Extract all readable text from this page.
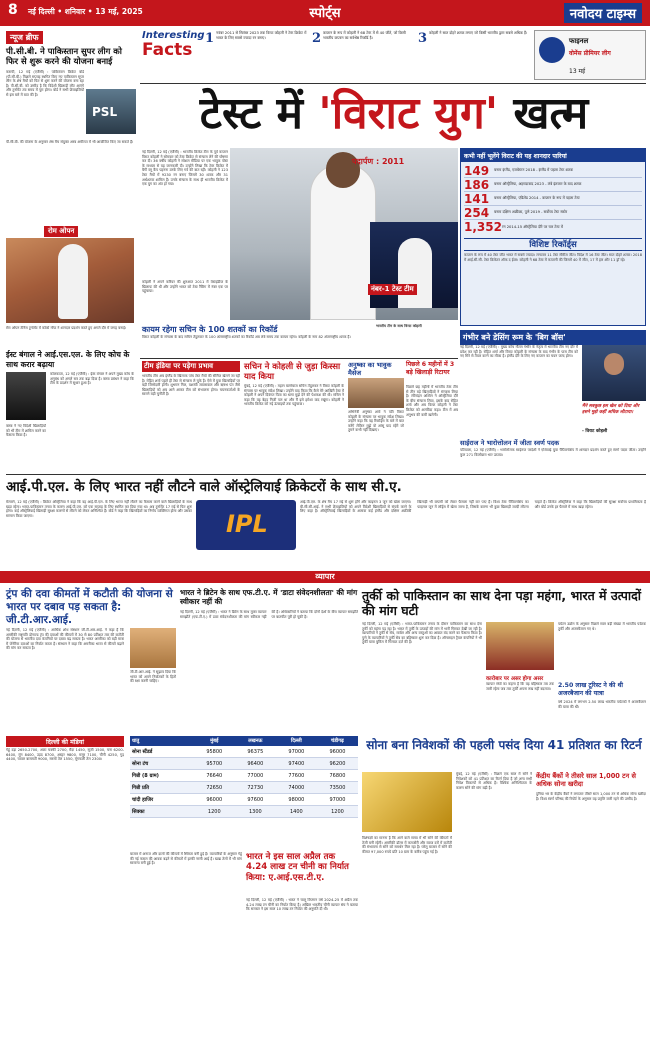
8 नई दिल्ली • शनिवार • 13 मई, 2025	स्पोर्ट्स	नवोदय टाइम्स
न्यूज ब्रीफ
पी.सी.बी. ने पाकिस्तान सुपर लीग को फिर से शुरू करने की योजना बनाई
कराची, 12 मई (एजैंसी) : पाकिस्तान क्रिकेट बोर्ड (पी.सी.बी.) पिछले सप्ताह स्थगित किए गए पाकिस्तान सुपर लीग के शेष मैचों को फिर से शुरू करने की योजना बना रहा है। पी.सी.बी. को उम्मीद है कि विदेशी खिलाड़ी लौट आएंगे और टूर्नामेंट तय समय में पूरा होगा। बोर्ड ने सभी फ्रेंचाइजियों से इस बारे में बात की है।
PSL
पी.सी.बी. की योजना के अनुसार शेष मैच संयुक्त अरब अमीरात में भी आयोजित किए जा सकते हैं।
रोम ओपन
रोम ओपन टेनिस टूर्नामेंट में कोको गॉफ ने शानदार प्रदर्शन करते हुए अगले दौर में जगह बनाई।
ईस्ट बंगाल ने आई.एस.एल. के लिए कोच के साथ करार बढ़ाया
कोलकाता, 12 मई (एजैंसी) : ईस्ट बंगाल ने अपने मुख्य कोच के अनुबंध को अगले सत्र तक बढ़ा दिया है। क्लब प्रबंधन ने कहा कि टीम के प्रदर्शन में सुधार हुआ है।
क्लब ने नए विदेशी खिलाड़ियों को भी टीम में शामिल करने का फैसला किया है।
Interesting
Facts
1 नवंबर 2011 से सितंबर 2023 तक विराट कोहली ने टेस्ट क्रिकेट में भारत के लिए सबसे ज्यादा रन बनाए।	2 कप्तान के रूप में कोहली ने 68 टेस्ट में से 40 जीते, जो किसी भारतीय कप्तान का सर्वश्रेष्ठ रिकॉर्ड है।	3 कोहली ने सात दोहरे शतक लगाए जो किसी भारतीय द्वारा सबसे अधिक हैं।
फाइनल
वोमेंस प्रीमियर लीग
13 मई
टेस्ट में 'विराट युग' खत्म
पदार्पण : 2011
नंबर-1 टेस्ट टीम
नई दिल्ली, 12 मई (एजैंसी) : भारतीय क्रिकेट टीम के पूर्व कप्तान विराट कोहली ने सोमवार को टेस्ट क्रिकेट से संन्यास लेने की घोषणा कर दी। 36 वर्षीय कोहली ने सोशल मीडिया पर एक भावुक पोस्ट के माध्यम से यह जानकारी दी। उन्होंने लिखा कि टेस्ट क्रिकेट में बैगी ब्लू कैप पहनना उनके लिए गर्व की बात रही। कोहली ने 123 टेस्ट मैचों में 9230 रन बनाए जिसमें 30 शतक और 31 अर्धशतक शामिल हैं। उनके संन्यास के साथ ही भारतीय क्रिकेट में एक युग का अंत हो गया।
कोहली ने अपने करियर की शुरुआत 2011 में वेस्टइंडीज के खिलाफ की थी और उन्होंने भारत को टेस्ट रैंकिंग में नंबर एक पर पहुंचाया।
कायम रहेगा सचिन के 100 शतकों का रिकॉर्ड
विराट कोहली के संन्यास के बाद सचिन तेंदुलकर के 100 अंतरराष्ट्रीय शतकों का रिकॉर्ड अब लंबे समय तक कायम रहेगा। कोहली के नाम 82 अंतरराष्ट्रीय शतक हैं।
भारतीय टीम के साथ विराट कोहली
कभी नहीं भूलेंगे विराट की यह शानदार पारियां
149	बनाम इंग्लैंड, एजबेस्टन 2018 - इंग्लैंड में पहला टेस्ट शतक
186	बनाम ऑस्ट्रेलिया, अहमदाबाद 2023 - लंबे इंतजार के बाद शतक
141	बनाम ऑस्ट्रेलिया, एडिलेड 2014 - कप्तान के रूप में पहला टेस्ट
254	बनाम दक्षिण अफ्रीका, पुणे 2019 - सर्वोच्च टेस्ट स्कोर
1,352 रन 2014-15 ऑस्ट्रेलिया दौरे पर चार टेस्ट में
विशिष्ट रिकॉर्ड्स
कप्तान के रूप में 40 टेस्ट जीत भारत में सबसे ज्यादा। लगातार 11 टेस्ट सीरीज जीत। विदेश में 16 टेस्ट जीत। सात दोहरे शतक। 2018 में आई.सी.सी. टेस्ट क्रिकेटर ऑफ द ईयर। कोहली ने 68 टेस्ट में कप्तानी की जिसमें 40 में जीत, 17 में हार और 11 ड्रॉ रहे।
गंभीर बने डेसिंग रूम के 'बिग बॉस'
नई दिल्ली, 12 मई (एजैंसी) : मुख्य कोच गौतम गंभीर के नेतृत्व में भारतीय टीम नए दौर में प्रवेश कर रही है। रोहित शर्मा और विराट कोहली के संन्यास के बाद गंभीर के पास टीम को नए सिरे से तैयार करने का मौका है। इंग्लैंड दौरे के लिए नए कप्तान का चयन जल्द होगा।
मैंने सबकुछ इस खेल को दिया और इसने मुझे कहीं अधिक लौटाया।
- विराट कोहली
टीम इंडिया पर पड़ेगा प्रभाव
भारतीय टीम अब इंग्लैंड के खिलाफ पांच टेस्ट मैचों की सीरीज खेलने जा रही है। रोहित शर्मा पहले ही टेस्ट से संन्यास ले चुके हैं। ऐसे में युवा खिलाड़ियों पर बड़ी जिम्मेदारी होगी। शुभमन गिल, यशस्वी जायसवाल और ऋषभ पंत जैसे खिलाड़ियों को अब आगे आकर टीम को संभालना होगा। चयनकर्ताओं के सामने बड़ी चुनौती है।
सचिन ने कोहली से जुड़ा किस्सा याद किया
मुंबई, 12 मई (एजैंसी) : महान बल्लेबाज सचिन तेंदुलकर ने विराट कोहली के संन्यास पर भावुक संदेश लिखा। उन्होंने याद किया कि कैसे मेरे आखिरी टेस्ट में कोहली ने अपने दिवंगत पिता का धागा मुझे देने की पेशकश की थी। सचिन ने कहा कि यह बेहद निजी पल था और मैं इसे हमेशा याद रखूंगा। कोहली ने भारतीय क्रिकेट को नई ऊंचाइयों तक पहुंचाया।
अनुष्का का भावुक मैसेज
अभिनेत्री अनुष्का शर्मा ने पति विराट कोहली के संन्यास पर भावुक संदेश लिखा। उन्होंने कहा कि वह रिकॉर्ड्स के बारे में बात करेंगे लेकिन मुझे वो आंसू याद रहेंगे जो तुमने कभी नहीं दिखाए।
पिछले 6 महीनों में 3 बड़े खिलाड़ी रिटायर
पिछले छह महीनों में भारतीय टेस्ट टीम से तीन बड़े खिलाड़ियों ने संन्यास लिया है। रविचंद्रन अश्विन ने ऑस्ट्रेलिया दौरे के बीच संन्यास लिया, इसके बाद रोहित शर्मा और अब विराट कोहली ने टेस्ट क्रिकेट को अलविदा कहा। टीम में अब अनुभव की कमी खलेगी।
साईराज ने भारोत्तोलन में जीता स्वर्ण पदक
पटियाला, 12 मई (एजैंसी) : भारोत्तोलक साईराज परदेशी ने एशियाई युवा चैंपियनशिप में शानदार प्रदर्शन करते हुए स्वर्ण पदक जीता। उन्होंने कुल 271 किलोग्राम भार उठाया।
आई.पी.एल. के लिए भारत नहीं लौटने वाले ऑस्ट्रेलियाई क्रिकेटरों के साथ सी.ए.
IPL
मेलबर्न, 12 मई (एजैंसी) : क्रिकेट ऑस्ट्रेलिया ने कहा कि वह आई.पी.एल. के लिए भारत नहीं लौटने का फैसला करने वाले खिलाड़ियों के साथ खड़ा रहेगा। भारत-पाकिस्तान तनाव के कारण आई.पी.एल. को एक सप्ताह के लिए स्थगित कर दिया गया था। अब टूर्नामेंट 17 मई से फिर शुरू होगा। कई ऑस्ट्रेलियाई खिलाड़ी सुरक्षा कारणों से लौटने को लेकर अनिश्चित हैं। बोर्ड ने कहा कि खिलाड़ियों का निर्णय व्यक्तिगत होगा और उसका सम्मान किया जाएगा।
आई.पी.एल. के शेष मैच 17 मई से शुरू होंगे और फाइनल 3 जून को खेला जाएगा। बी.सी.सी.आई. ने सभी फ्रेंचाइजियों को अपने विदेशी खिलाड़ियों से संपर्क करने के लिए कहा है। ऑस्ट्रेलियाई खिलाड़ियों के अलावा कई इंग्लैंड और दक्षिण अफ्रीकी खिलाड़ी भी वापसी को लेकर फैसला नहीं कर पाए हैं। विश्व टेस्ट चैंपियनशिप का फाइनल जून में लॉर्ड्स में खेला जाना है, जिसके कारण भी कुछ खिलाड़ी जल्दी लौटना चाहते हैं। क्रिकेट ऑस्ट्रेलिया ने कहा कि खिलाड़ियों की सुरक्षा सर्वोच्च प्राथमिकता है और बोर्ड उनके हर फैसले में साथ खड़ा रहेगा।
व्यापार
ट्रंप की दवा कीमतों में कटौती की योजना से भारत पर दबाव पड़ सकता है: जी.टी.आर.आई.
नई दिल्ली, 12 मई (एजैंसी) : आर्थिक शोध संस्थान जी.टी.आर.आई. ने कहा है कि अमरीकी राष्ट्रपति डोनाल्ड ट्रंप की दवाओं की कीमतों में 30 से 80 प्रतिशत तक की कटौती की योजना से भारतीय दवा कंपनियों पर दबाव बढ़ सकता है। भारत अमरीका को बड़ी मात्रा में जेनेरिक दवाओं का निर्यात करता है। संस्थान ने कहा कि अमरीका भारत से कीमतें बढ़ाने की मांग कर सकता है।
जी.टी.आर.आई. ने सुझाव दिया कि भारत को अपने निर्यातकों के हितों की रक्षा करनी चाहिए।
भारत ने ब्रिटेन के साथ एफ.टी.ए. में 'डाटा संवेदनशीलता' की मांग स्वीकार नहीं की
नई दिल्ली, 12 मई (एजैंसी) : भारत ने ब्रिटेन के साथ मुक्त व्यापार समझौते (एफ.टी.ए.) में डाटा संवेदनशीलता की मांग स्वीकार नहीं की है। अधिकारियों ने बताया कि दोनों देशों के बीच व्यापार समझौते पर बातचीत पूरी हो चुकी है।
तुर्की को पाकिस्तान का साथ देना पड़ा महंगा, भारत में उत्पादों की मांग घटी
नई दिल्ली, 12 मई (एजैंसी) : भारत-पाकिस्तान तनाव के दौरान पाकिस्तान का साथ देना तुर्की को महंगा पड़ रहा है। भारत में तुर्की के उत्पादों की मांग में भारी गिरावट देखी जा रही है। व्यापारियों ने तुर्की से सेब, मार्बल और अन्य वस्तुओं का आयात बंद करने का फैसला किया है। पुणे के व्यापारियों ने तुर्की सेब का बहिष्कार शुरू कर दिया है। ऑनलाइन ट्रैवल कंपनियों ने भी तुर्की यात्रा बुकिंग में गिरावट दर्ज की है।
कारोबार पर असर होगा असर
व्यापार संघों का कहना है कि यह बहिष्कार तब तक जारी रहेगा जब तक तुर्की अपना रुख नहीं बदलता।
पर्यटन उद्योग के अनुसार पिछले साल बड़ी संख्या में भारतीय पर्यटक तुर्की और अजरबैजान गए थे।
2.50 लाख टूरिस्ट ने की थी अजरबैजान की यात्रा
वर्ष 2024 में लगभग 2.50 लाख भारतीय पर्यटकों ने अजरबैजान की यात्रा की थी।
सोना बना निवेशकों की पहली पसंद दिया 41 प्रतिशत का रिटर्न
मुंबई, 12 मई (एजैंसी) : पिछले एक साल में सोने ने निवेशकों को 41 प्रतिशत का रिटर्न दिया है जो अन्य सभी निवेश विकल्पों से अधिक है। वैश्विक अनिश्चितता के कारण सोने की मांग बढ़ी है।
विशेषज्ञों का मानना है कि आने वाले समय में भी सोने की कीमतों में तेजी बनी रहेगी। अमरीकी डॉलर में कमजोरी और ब्याज दरों में कटौती की संभावना से सोने को समर्थन मिल रहा है। घरेलू बाजार में सोने की कीमत 97,000 रुपये प्रति 10 ग्राम के करीब पहुंच गई है।
केंद्रीय बैंकों ने तीसरे साल 1,000 टन से अधिक सोना खरीदा
दुनिया भर के केंद्रीय बैंकों ने लगातार तीसरे साल 1,000 टन से अधिक सोना खरीदा है। विश्व स्वर्ण परिषद की रिपोर्ट के अनुसार यह प्रवृत्ति जारी रहने की उम्मीद है।
धातु	मुंबई	लखनऊ	दिल्ली	चंडीगढ़
सोना स्टैंडर्ड	95800	96375	97000	96000
सोना टंच	95700	96400	97400	96200
गिन्नी (8 ग्राम)	76640	77000	77600	76800
गिन्नी प्रति	72650	72730	74000	73500
चांदी हाजिर	96000	97600	98000	97000
सिक्का	1200	1300	1400	1200
दिल्ली की मंडियां
गेहूं दड़ा 2650-2700, आटा चक्की 2700, मैदा 1450, सूजी 1500, चना 6200-6400, मूंग 8400, उड़द 8700, अरहर 9800, मसूर 7100, चीनी 4250, गुड़ 4400, चावल बासमती 9000, सरसों तेल 1550, मूंगफली तेल 2300।
भारत ने इस साल अप्रैल तक 4.24 लाख टन चीनी का निर्यात किया: ए.आई.एस.टी.ए.
नई दिल्ली, 12 मई (एजैंसी) : भारत ने चालू विपणन वर्ष 2024-25 में अप्रैल तक 4.24 लाख टन चीनी का निर्यात किया है। अखिल भारतीय चीनी व्यापार संघ ने बताया कि सरकार ने इस साल 10 लाख टन निर्यात की अनुमति दी थी।
बाजार में अनाज और दालों की कीमतों में स्थिरता बनी हुई है। व्यापारियों के अनुसार गेहूं की नई फसल की आवक बढ़ने से कीमतों में हल्की नरमी आई है। खाद्य तेलों में भी मांग सामान्य बनी हुई है।
